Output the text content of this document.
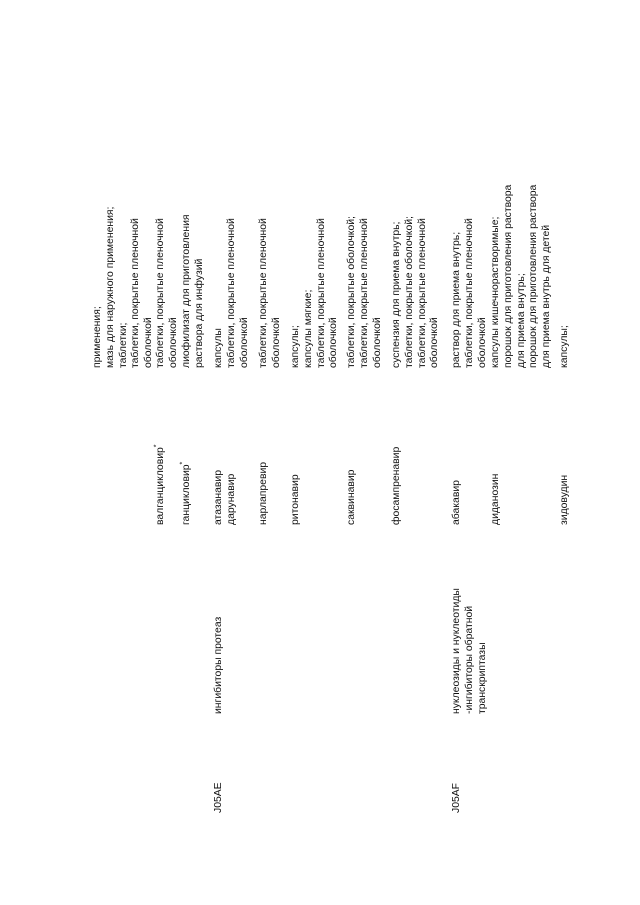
применения; мазь для наружного применения; таблетки; таблетки, покрытые пленочной оболочкой
валганцикловир*
таблетки, покрытые пленочной оболочкой
ганцикловир*
лиофилизат для приготовления раствора для инфузий
J05AE
ингибиторы протеаз
атазанавир
капсулы
дарунавир
таблетки, покрытые пленочной оболочкой
нарлапревир
таблетки, покрытые пленочной оболочкой
ритонавир
капсулы; капсулы мягкие; таблетки, покрытые пленочной оболочкой
саквинавир
таблетки, покрытые оболочкой; таблетки, покрытые пленочной оболочкой
фосампренавир
суспензия для приема внутрь; таблетки, покрытые оболочкой; таблетки, покрытые пленочной оболочкой
J05AF
нуклеозиды и нуклеотиды -ингибиторы обратной транскриптазы
абакавир
раствор для приема внутрь; таблетки, покрытые пленочной оболочкой
диданозин
капсулы кишечнорастворимые; порошок для приготовления раствора для приема внутрь; порошок для приготовления раствора для приема внутрь для детей
зидовудин
капсулы;
